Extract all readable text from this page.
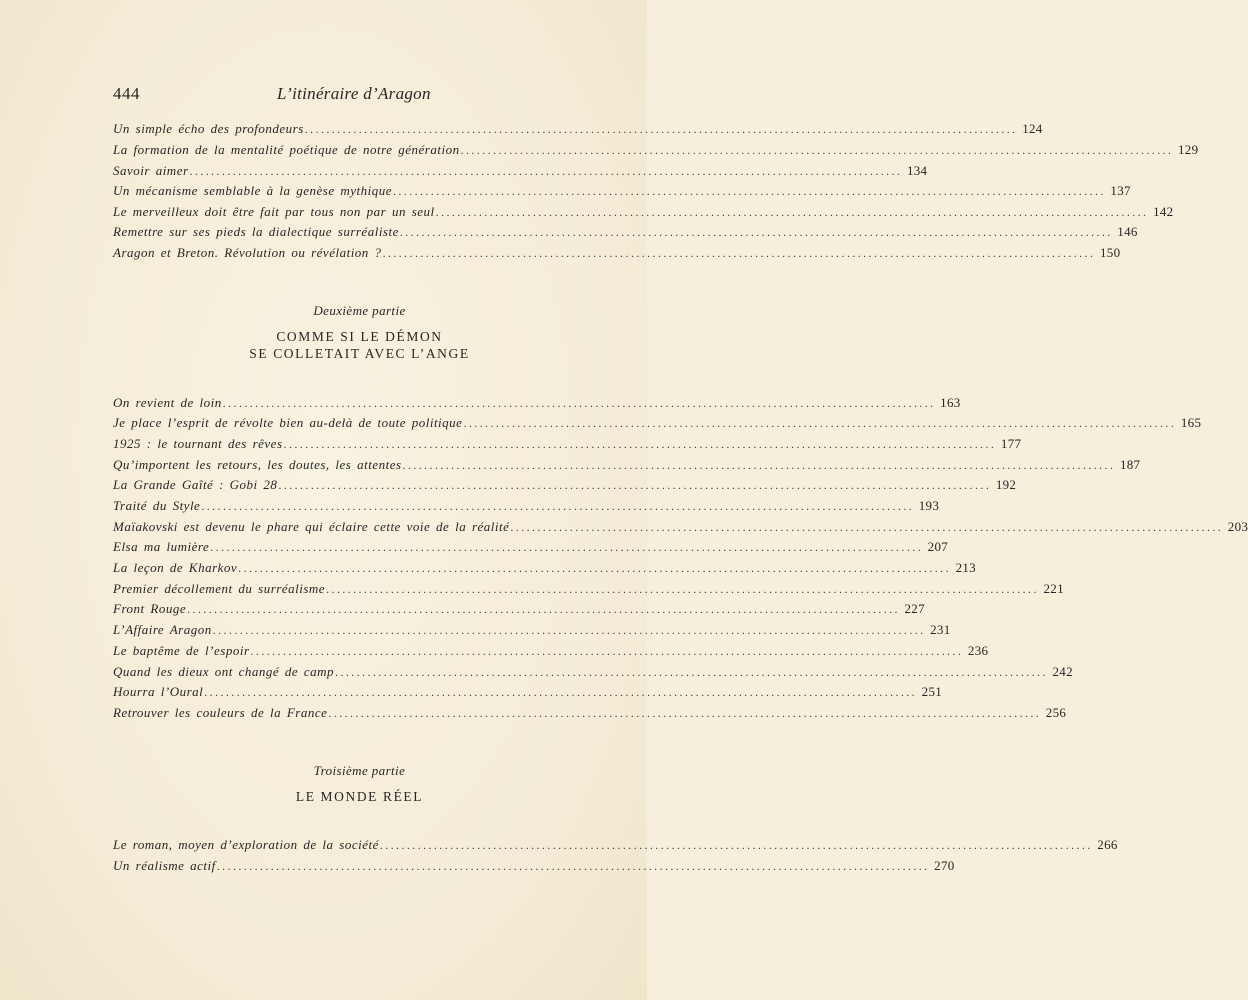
444	L’itinéraire d’Aragon
Un simple écho des profondeurs .................................................................................................................................... 124
La formation de la mentalité poétique de notre génération .................................................................................................................................... 129
Savoir aimer .................................................................................................................................... 134
Un mécanisme semblable à la genèse mythique .................................................................................................................................... 137
Le merveilleux doit être fait par tous non par un seul .................................................................................................................................... 142
Remettre sur ses pieds la dialectique surréaliste .................................................................................................................................... 146
Aragon et Breton. Révolution ou révélation ? .................................................................................................................................... 150
Deuxième partie
COMME SI LE DÉMON
SE COLLETAIT AVEC L’ANGE
On revient de loin .................................................................................................................................... 163
Je place l’esprit de révolte bien au-delà de toute politique .................................................................................................................................... 165
1925 : le tournant des rêves .................................................................................................................................... 177
Qu’importent les retours, les doutes, les attentes .................................................................................................................................... 187
La Grande Gaîté : Gobi 28 .................................................................................................................................... 192
Traité du Style .................................................................................................................................... 193
Maïakovski est devenu le phare qui éclaire cette voie de la réalité .................................................................................................................................... 203
Elsa ma lumière .................................................................................................................................... 207
La leçon de Kharkov .................................................................................................................................... 213
Premier décollement du surréalisme .................................................................................................................................... 221
Front Rouge .................................................................................................................................... 227
L’Affaire Aragon .................................................................................................................................... 231
Le baptême de l’espoir .................................................................................................................................... 236
Quand les dieux ont changé de camp .................................................................................................................................... 242
Hourra l’Oural .................................................................................................................................... 251
Retrouver les couleurs de la France .................................................................................................................................... 256
Troisième partie
LE MONDE RÉEL
Le roman, moyen d’exploration de la société .................................................................................................................................... 266
Un réalisme actif .................................................................................................................................... 270
